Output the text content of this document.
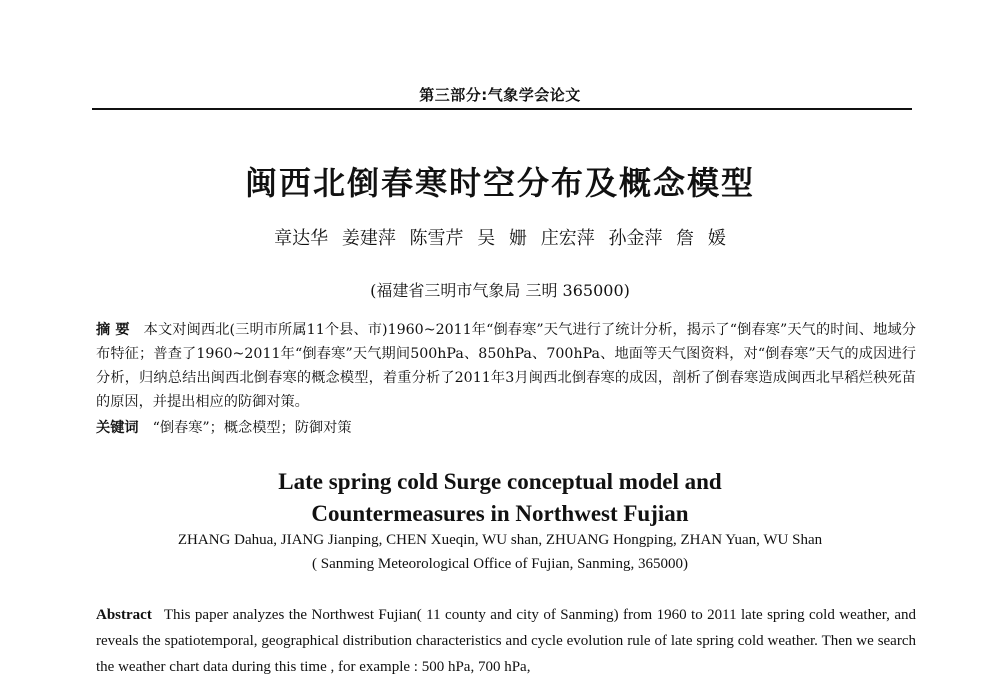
第三部分:气象学会论文
闽西北倒春寒时空分布及概念模型
章达华 姜建萍 陈雪芹 吴 姗 庄宏萍 孙金萍 詹 媛
(福建省三明市气象局 三明 365000)
摘 要 本文对闽西北(三明市所属11个县、市)1960~2011年“倒春寒”天气进行了统计分析，揭示了“倒春寒”天气的时间、地域分布特征；普查了1960~2011年“倒春寒”天气期间500hPa、850hPa、700hPa、地面等天气图资料，对“倒春寒”天气的成因进行分析，归纳总结出闽西北倒春寒的概念模型，着重分析了2011年3月闽西北倒春寒的成因，剖析了倒春寒造成闽西北早稻烂秧死苗的原因，并提出相应的防御对策。
关键词 “倒春寒”；概念模型；防御对策
Late spring cold Surge conceptual model and
Countermeasures in Northwest Fujian
ZHANG Dahua, JIANG Jianping, CHEN Xueqin, WU shan, ZHUANG Hongping, ZHAN Yuan, WU Shan
( Sanming Meteorological Office of Fujian, Sanming, 365000)
Abstract This paper analyzes the Northwest Fujian( 11 county and city of Sanming) from 1960 to 2011 late spring cold weather, and reveals the spatiotemporal, geographical distribution characteristics and cycle evolution rule of late spring cold weather. Then we search the weather chart data during this time , for example : 500 hPa, 700 hPa,
